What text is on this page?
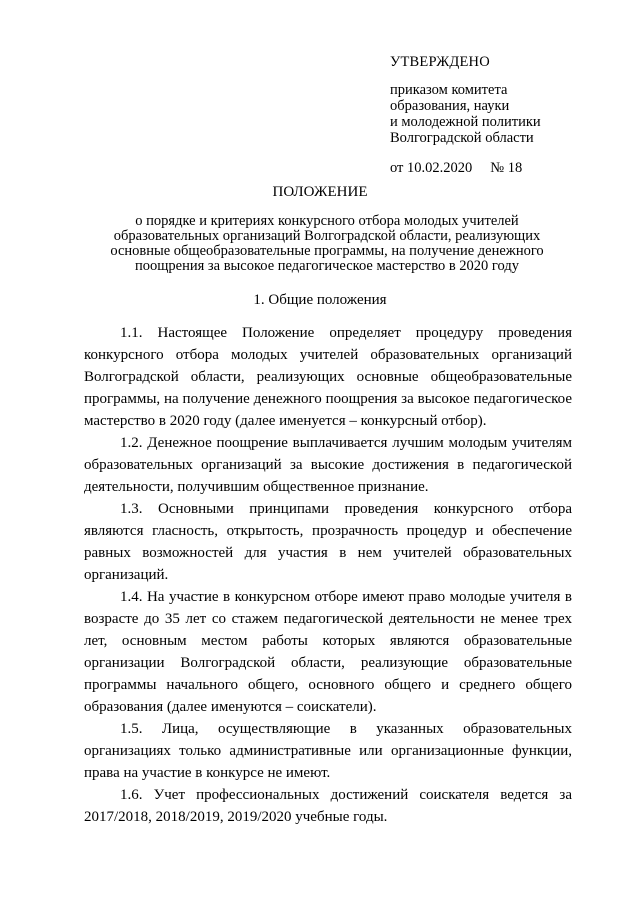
УТВЕРЖДЕНО
приказом комитета
образования, науки
и молодежной политики
Волгоградской области
от 10.02.2020 № 18
ПОЛОЖЕНИЕ
о порядке и критериях конкурсного отбора молодых учителей
образовательных организаций Волгоградской области, реализующих
основные общеобразовательные программы, на получение денежного
поощрения за высокое педагогическое мастерство в 2020 году
1. Общие положения

1.1. Настоящее Положение определяет процедуру проведения конкурсного отбора молодых учителей образовательных организаций Волгоградской области, реализующих основные общеобразовательные программы, на получение денежного поощрения за высокое педагогическое мастерство в 2020 году (далее именуется – конкурсный отбор).

1.2. Денежное поощрение выплачивается лучшим молодым учителям образовательных организаций за высокие достижения в педагогической деятельности, получившим общественное признание.

1.3. Основными принципами проведения конкурсного отбора являются гласность, открытость, прозрачность процедур и обеспечение равных возможностей для участия в нем учителей образовательных организаций.

1.4. На участие в конкурсном отборе имеют право молодые учителя в возрасте до 35 лет со стажем педагогической деятельности не менее трех лет, основным местом работы которых являются образовательные организации Волгоградской области, реализующие образовательные программы начального общего, основного общего и среднего общего образования (далее именуются – соискатели).

1.5. Лица, осуществляющие в указанных образовательных организациях только административные или организационные функции, права на участие в конкурсе не имеют.

1.6. Учет профессиональных достижений соискателя ведется за 2017/2018, 2018/2019, 2019/2020 учебные годы.
